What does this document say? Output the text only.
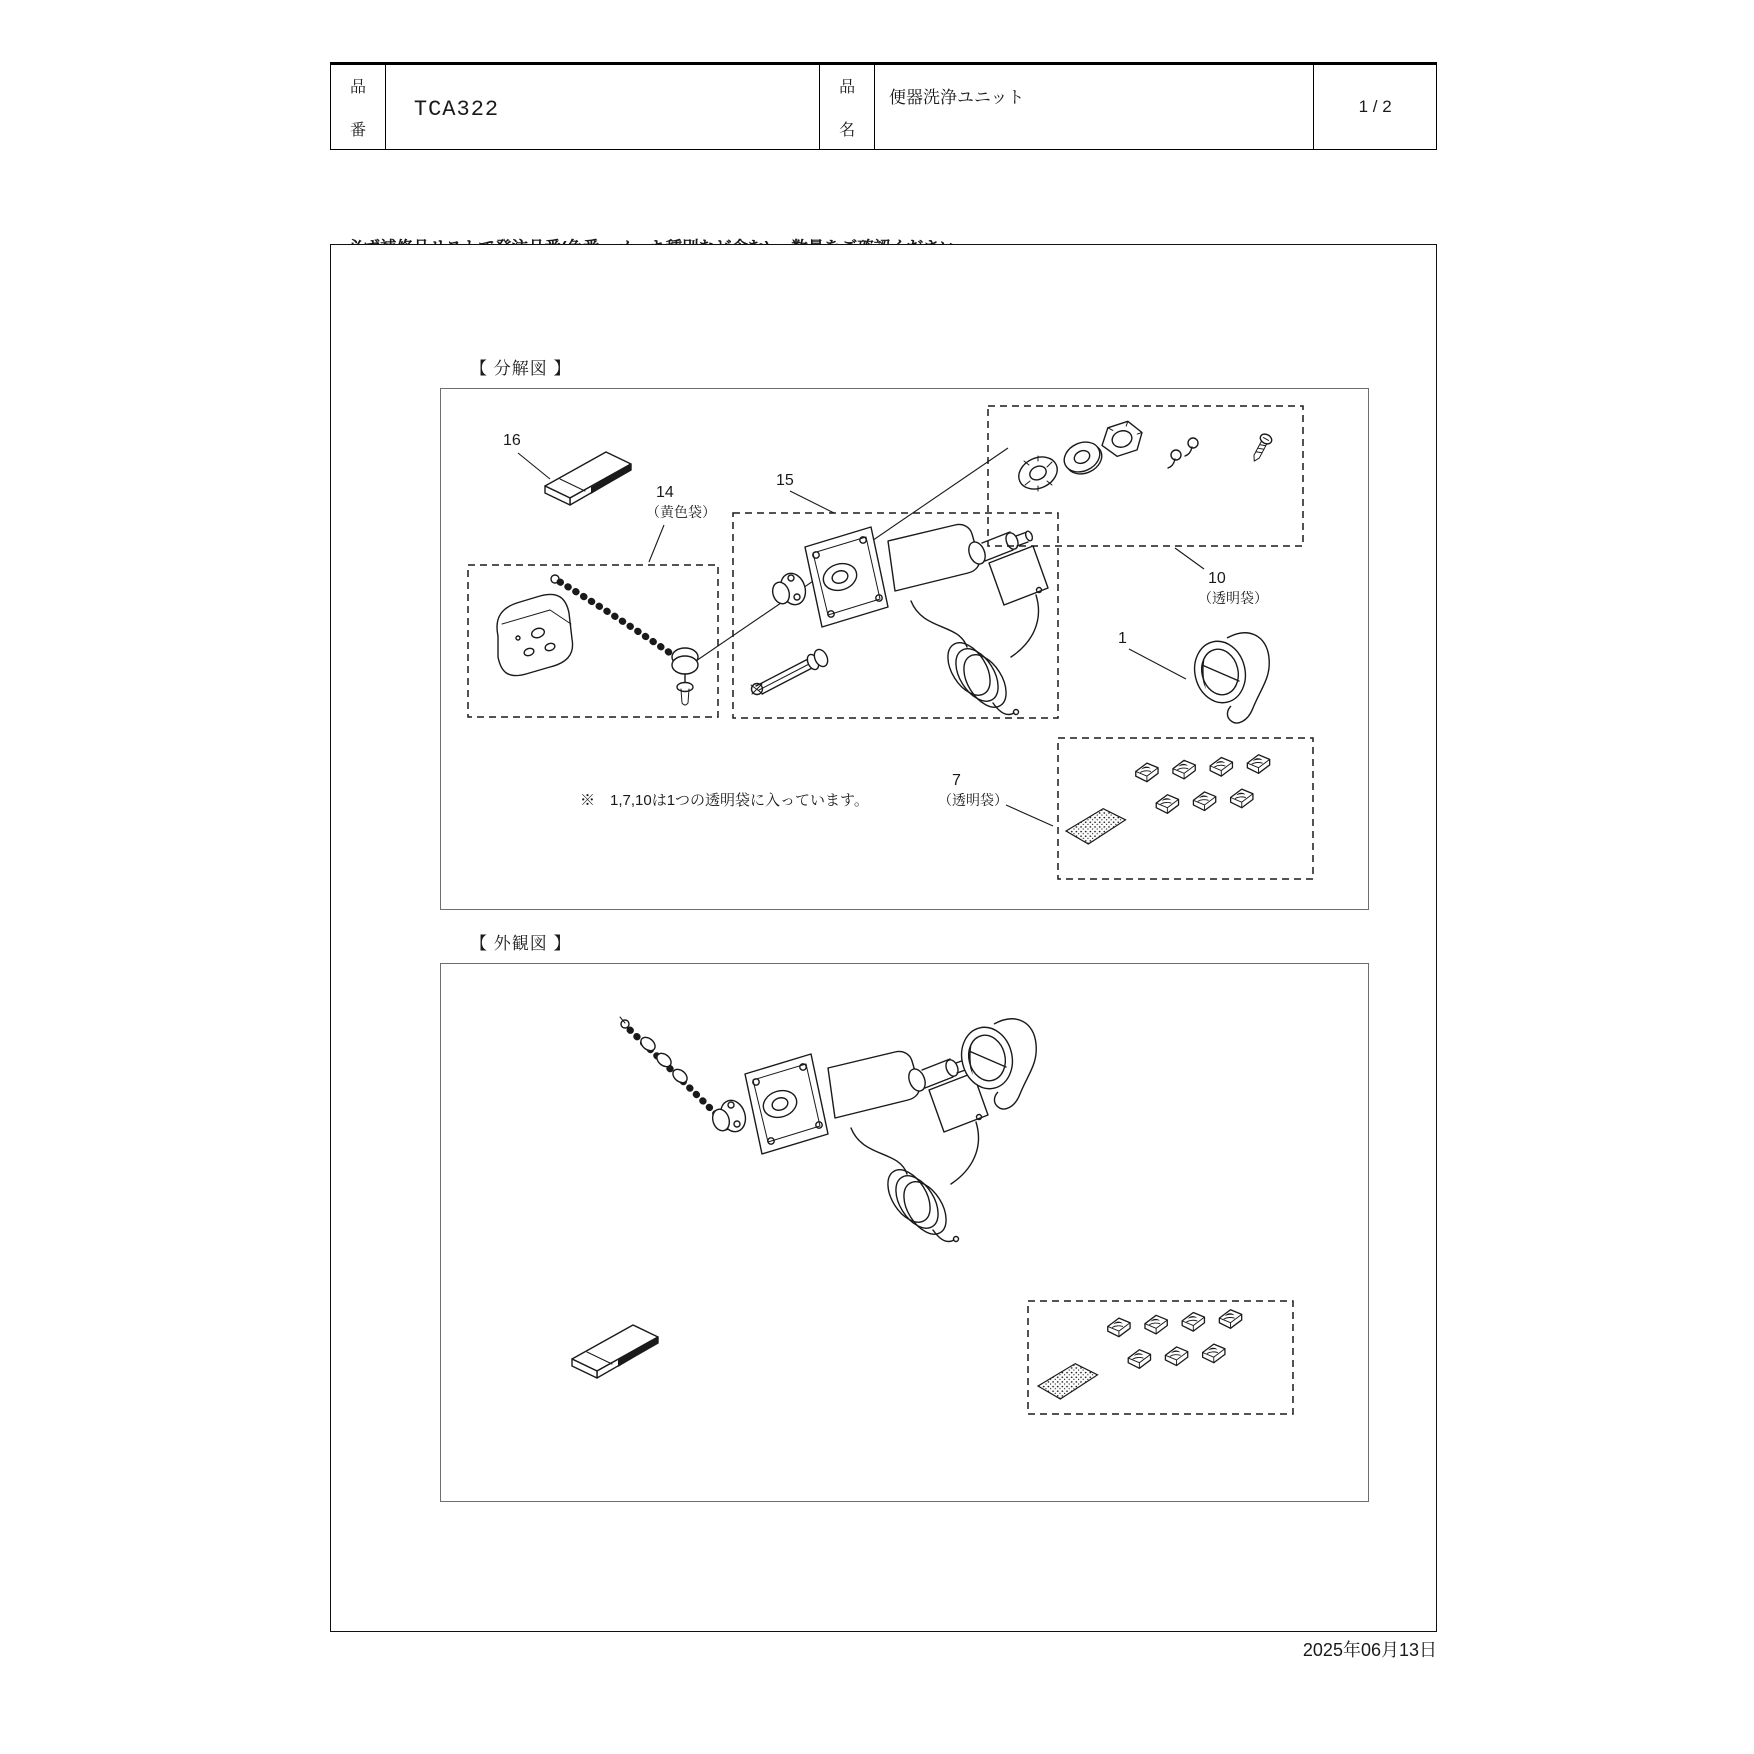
品
番
TCA322
品
名
便器洗浄ユニット	1 / 2

【 分解図 】
【 外観図 】
16
14
（黄色袋）
15
10
（透明袋）
1
7
（透明袋）
※　1,7,10は1つの透明袋に入っています。
2025年06月13日
